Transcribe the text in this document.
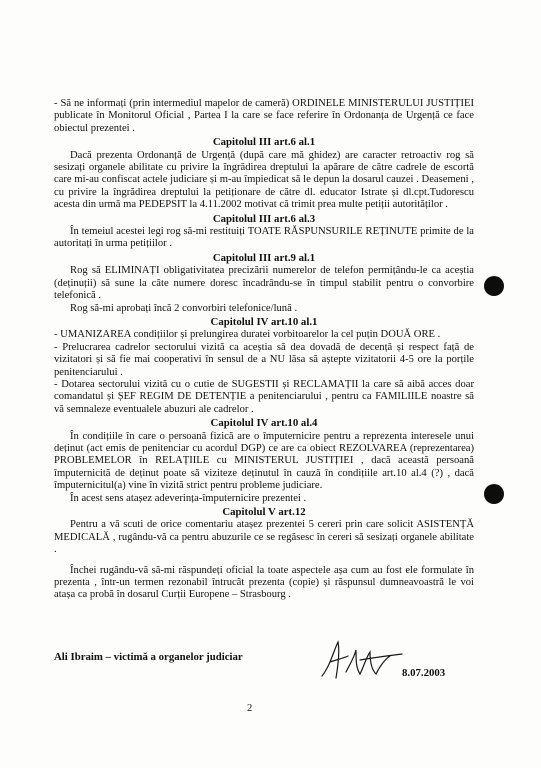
- Să ne informați (prin intermediul mapelor de cameră) ORDINELE MINISTERULUI JUSTIȚIEI publicate în Monitorul Oficial , Partea I la care se face referire în Ordonanța de Urgență ce face obiectul prezentei .

Capitolul III art.6 al.1

Dacă prezenta Ordonanță de Urgență (după care mă ghidez) are caracter retroactiv rog să sesizați organele abilitate cu privire la îngrădirea dreptului la apărare de către cadrele de escortă care mi-au confiscat actele judiciare și m-au împiedicat să le depun la dosarul cauzei . Deasemeni , cu privire la îngrădirea dreptului la petiționare de către dl. educator Istrate și dl.cpt.Tudorescu acesta din urmă ma PEDEPSIT la 4.11.2002 motivat că trimit prea multe petiții autorităților .

Capitolul III art.6 al.3

În temeiul acestei legi rog să-mi restituiți TOATE RĂSPUNSURILE REȚINUTE primite de la autoritați în urma petițiilor .

Capitolul III art.9 al.1

Rog să ELIMINAȚI obligativitatea precizării numerelor de telefon permițându-le ca aceștia (deținuții) să sune la câte numere doresc încadrându-se în timpul stabilit pentru o convorbire telefonică .

Rog să-mi aprobați încă 2 convorbiri telefonice/lună .

Capitolul IV art.10 al.1

- UMANIZAREA condițiilor și prelungirea duratei vorbitoarelor la cel puțin DOUĂ ORE .

- Prelucrarea cadrelor sectorului vizită ca aceștia să dea dovadă de decență și respect față de vizitatori și să fie mai cooperativi în sensul de a NU lăsa să aștepte vizitatorii 4-5 ore la porțile penitenciarului .

- Dotarea sectorului vizită cu o cutie de SUGESTII și RECLAMAȚII la care să aibă acces doar comandatul și ȘEF REGIM DE DETENȚIE a penitenciarului , pentru ca FAMILIILE noastre să vă semnaleze eventualele abuzuri ale cadrelor .

Capitolul IV art.10 al.4

În condițiile în care o persoană fizică are o împuternicire pentru a reprezenta interesele unui deținut (act emis de penitenciar cu acordul DGP) ce are ca obiect REZOLVAREA (reprezentarea) PROBLEMELOR în RELAȚIILE cu MINISTERUL JUSTIȚIEI , dacă această persoană împuternicită de deținut poate să viziteze deținutul în cauză în condițiile art.10 al.4 (?) , dacă împuternicitul(a) vine în vizită strict pentru probleme judiciare.

În acest sens atașez adeverința-împuternicire prezentei .

Capitolul V art.12

Pentru a vă scuti de orice comentariu atașez prezentei 5 cereri prin care solicit ASISTENȚĂ MEDICALĂ , rugându-vă ca pentru abuzurile ce se regăsesc în cereri să sesizați organele abilitate .

Închei rugându-vă să-mi răspundeți oficial la toate aspectele așa cum au fost ele formulate în prezenta , într-un termen rezonabil întrucât prezenta (copie) și răspunsul dumneavoastră le voi atașa ca probă în dosarul Curții Europene – Strasbourg .

Ali Ibraim – victimă a organelor judiciar
8.07.2003
2
